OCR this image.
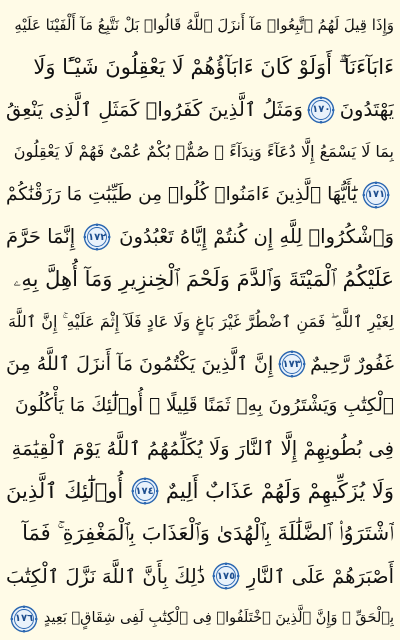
وَإِذَا قِيلَ لَهُمُ ٱتَّبِعُوا۟ مَآ أَنزَلَ ٱللَّهُ قَالُوا۟ بَلْ نَتَّبِعُ مَآ أَلْفَيْنَا عَلَيْهِ
ءَابَآءَنَآ ۗ أَوَلَوْ كَانَ ءَابَآؤُهُمْ لَا يَعْقِلُونَ شَيْـًٔا وَلَا
يَهْتَدُونَ
١٧٠
وَمَثَلُ ٱلَّذِينَ كَفَرُوا۟ كَمَثَلِ ٱلَّذِى يَنْعِقُ
بِمَا لَا يَسْمَعُ إِلَّا دُعَآءً وَنِدَآءً ۚ صُمٌّۢ بُكْمٌ عُمْىٌ فَهُمْ لَا يَعْقِلُونَ
١٧١
يَٰٓأَيُّهَا ٱلَّذِينَ ءَامَنُوا۟ كُلُوا۟ مِن طَيِّبَٰتِ مَا رَزَقْنَٰكُمْ
وَٱشْكُرُوا۟ لِلَّهِ إِن كُنتُمْ إِيَّاهُ تَعْبُدُونَ
١٧٢
إِنَّمَا حَرَّمَ
عَلَيْكُمُ ٱلْمَيْتَةَ وَٱلدَّمَ وَلَحْمَ ٱلْخِنزِيرِ وَمَآ أُهِلَّ بِهِۦ
لِغَيْرِ ٱللَّهِ ۖ فَمَنِ ٱضْطُرَّ غَيْرَ بَاغٍ وَلَا عَادٍ فَلَآ إِثْمَ عَلَيْهِ ۚ إِنَّ ٱللَّهَ
غَفُورٌ رَّحِيمٌ
١٧٣
إِنَّ ٱلَّذِينَ يَكْتُمُونَ مَآ أَنزَلَ ٱللَّهُ مِنَ
ٱلْكِتَٰبِ وَيَشْتَرُونَ بِهِۦ ثَمَنًا قَلِيلًا ۙ أُو۟لَٰٓئِكَ مَا يَأْكُلُونَ
فِى بُطُونِهِمْ إِلَّا ٱلنَّارَ وَلَا يُكَلِّمُهُمُ ٱللَّهُ يَوْمَ ٱلْقِيَٰمَةِ
وَلَا يُزَكِّيهِمْ وَلَهُمْ عَذَابٌ أَلِيمٌ
١٧٤
أُو۟لَٰٓئِكَ ٱلَّذِينَ
ٱشْتَرَوُا۟ ٱلضَّلَٰلَةَ بِٱلْهُدَىٰ وَٱلْعَذَابَ بِٱلْمَغْفِرَةِ ۚ فَمَآ
أَصْبَرَهُمْ عَلَى ٱلنَّارِ
١٧٥
ذَٰلِكَ بِأَنَّ ٱللَّهَ نَزَّلَ ٱلْكِتَٰبَ
بِٱلْحَقِّ ۗ وَإِنَّ ٱلَّذِينَ ٱخْتَلَفُوا۟ فِى ٱلْكِتَٰبِ لَفِى شِقَاقٍۭ بَعِيدٍ
١٧٦
